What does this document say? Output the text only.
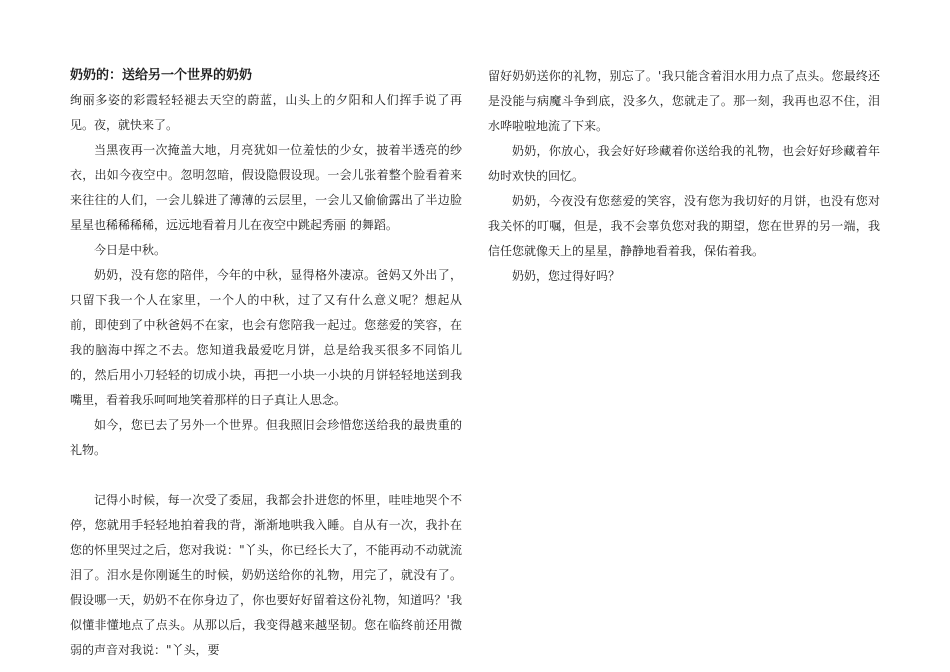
奶奶的：送给另一个世界的奶奶

绚丽多姿的彩霞轻轻褪去天空的蔚蓝，山头上的夕阳和人们挥手说了再见。夜，就快来了。

当黑夜再一次掩盖大地，月亮犹如一位羞怯的少女，披着半透亮的纱衣，出如今夜空中。忽明忽暗，假设隐假设现。一会儿张着整个脸看着来来往往的人们，一会儿躲进了薄薄的云层里，一会儿又偷偷露出了半边脸星星也稀稀稀稀，远远地看着月儿在夜空中跳起秀丽 的舞蹈。

今日是中秋。

奶奶，没有您的陪伴，今年的中秋，显得格外凄凉。爸妈又外出了，只留下我一个人在家里，一个人的中秋，过了又有什么意义呢？想起从前，即使到了中秋爸妈不在家，也会有您陪我一起过。您慈爱的笑容，在我的脑海中挥之不去。您知道我最爱吃月饼，总是给我买很多不同馅儿的，然后用小刀轻轻的切成小块，再把一小块一小块的月饼轻轻地送到我嘴里，看着我乐呵呵地笑着那样的日子真让人思念。

如今，您已去了另外一个世界。但我照旧会珍惜您送给我的最贵重的礼物。

记得小时候，每一次受了委屈，我都会扑进您的怀里，哇哇地哭个不停，您就用手轻轻地拍着我的背，渐渐地哄我入睡。自从有一次，我扑在您的怀里哭过之后，您对我说："丫头，你已经长大了，不能再动不动就流泪了。泪水是你刚诞生的时候，奶奶送给你的礼物，用完了，就没有了。假设哪一天，奶奶不在你身边了，你也要好好留着这份礼物，知道吗？'我似懂非懂地点了点头。从那以后，我变得越来越坚韧。您在临终前还用微弱的声音对我说："丫头，要

留好奶奶送你的礼物，别忘了。'我只能含着泪水用力点了点头。您最终还是没能与病魔斗争到底，没多久，您就走了。那一刻，我再也忍不住，泪水哗啦啦地流了下来。

奶奶，你放心，我会好好珍藏着你送给我的礼物，也会好好珍藏着年幼时欢快的回忆。

奶奶，今夜没有您慈爱的笑容，没有您为我切好的月饼，也没有您对我关怀的叮嘱，但是，我不会辜负您对我的期望，您在世界的另一端，我信任您就像天上的星星，静静地看着我，保佑着我。

奶奶，您过得好吗？
